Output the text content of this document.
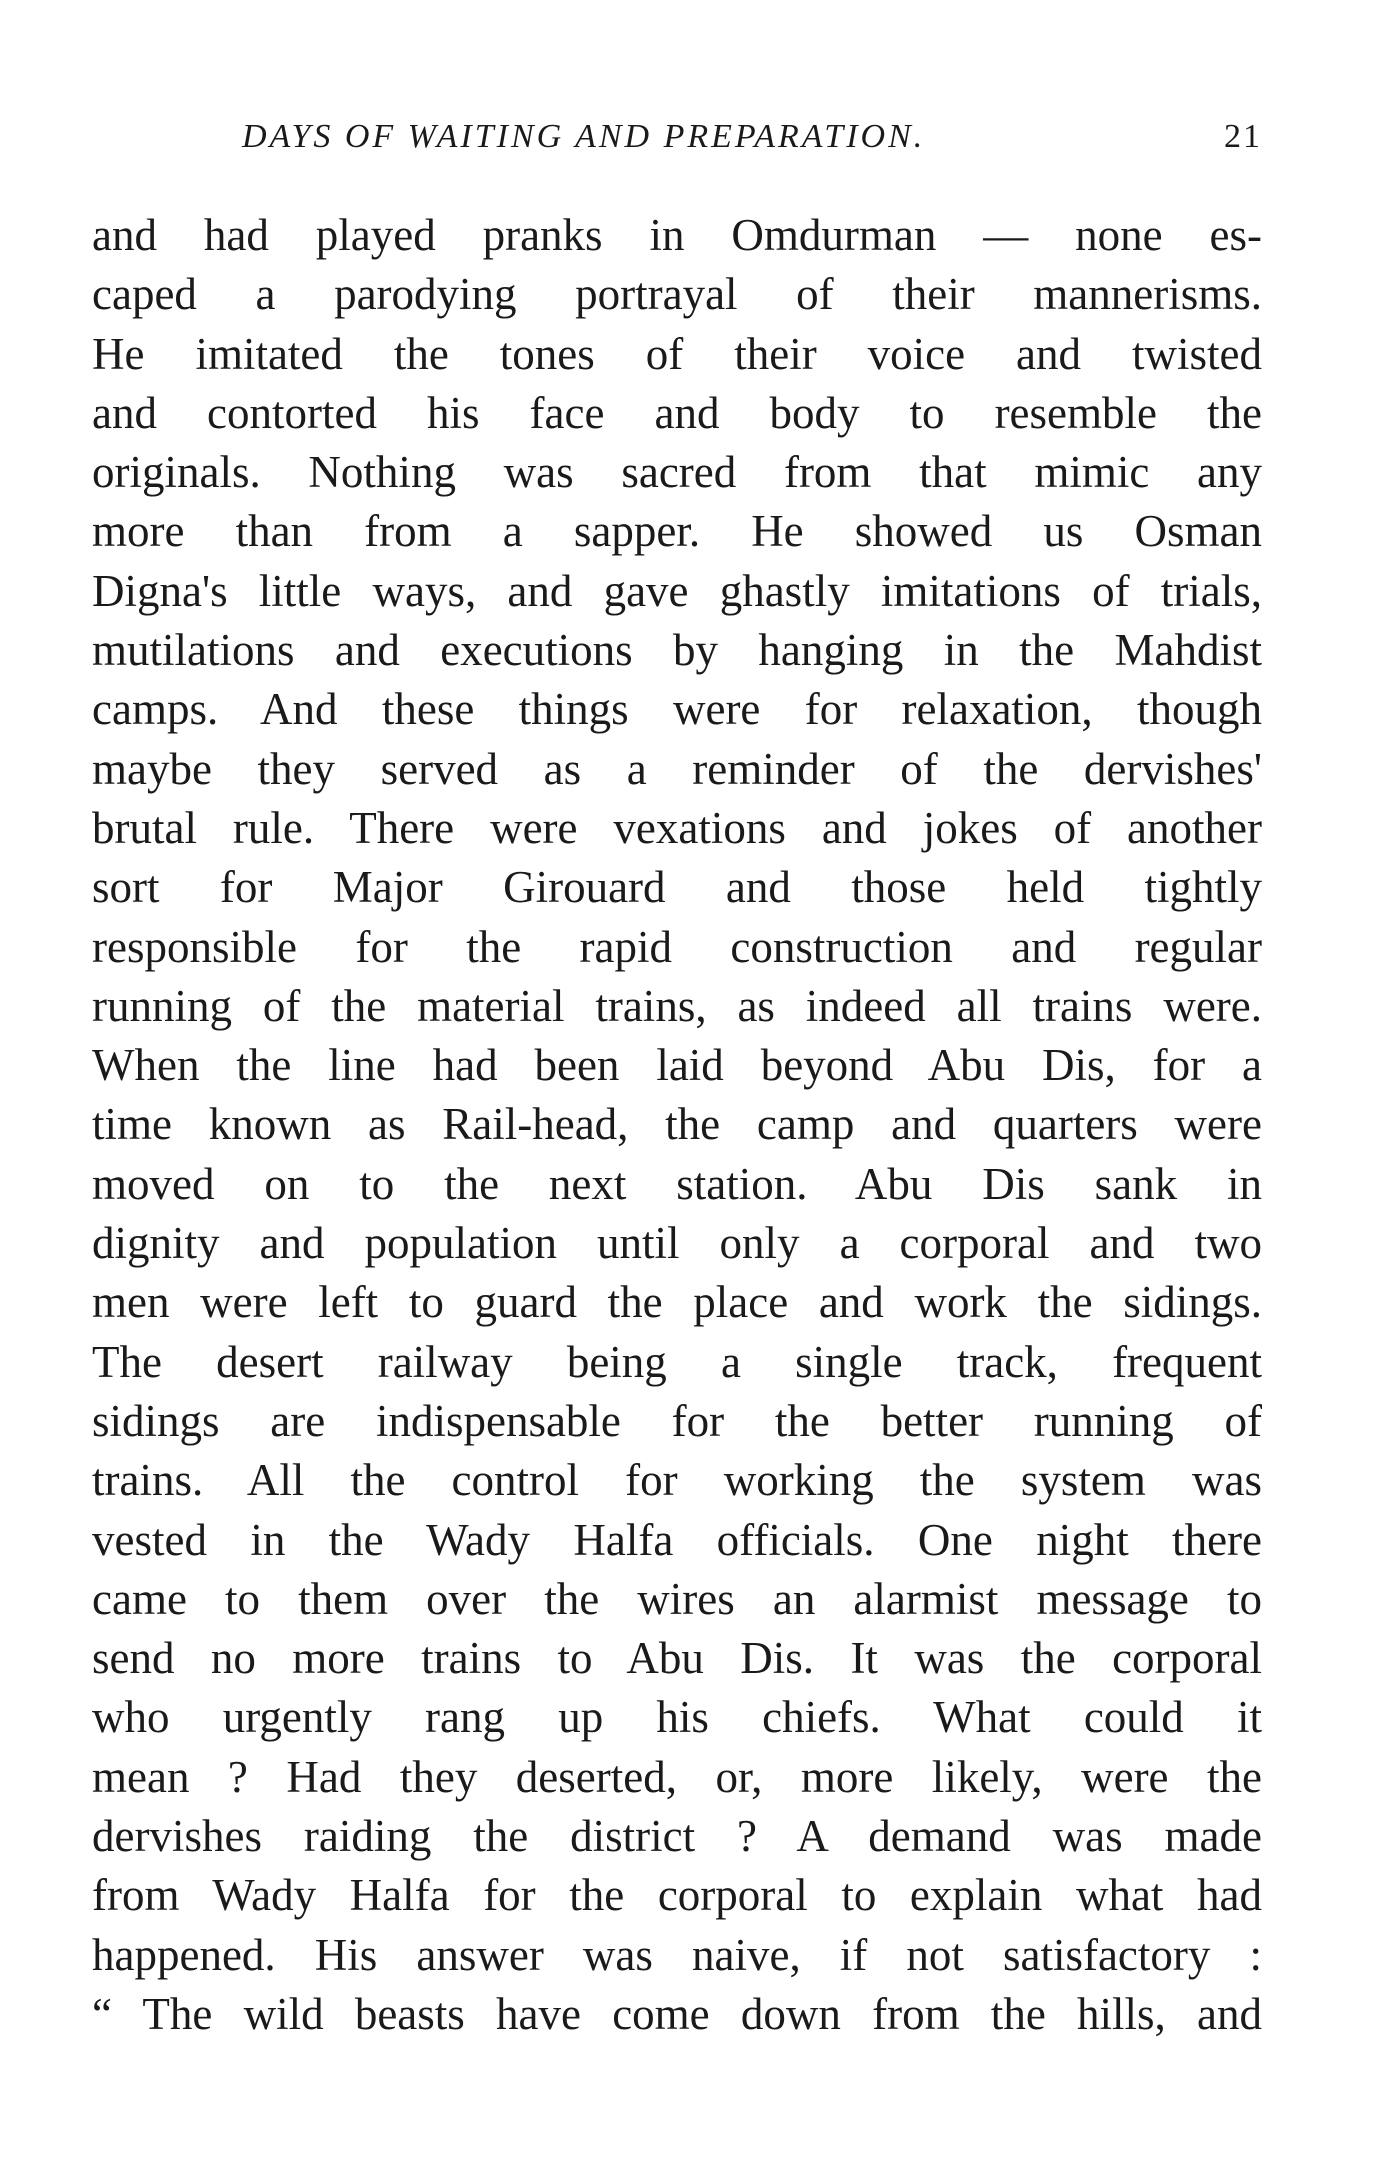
DAYS OF WAITING AND PREPARATION.	21
and had played pranks in Omdurman — none es-
caped a parodying portrayal of their mannerisms.
He imitated the tones of their voice and twisted
and contorted his face and body to resemble the
originals. Nothing was sacred from that mimic any
more than from a sapper. He showed us Osman
Digna's little ways, and gave ghastly imitations of trials,
mutilations and executions by hanging in the Mahdist
camps. And these things were for relaxation, though
maybe they served as a reminder of the dervishes'
brutal rule. There were vexations and jokes of another
sort for Major Girouard and those held tightly
responsible for the rapid construction and regular
running of the material trains, as indeed all trains were.
When the line had been laid beyond Abu Dis, for a
time known as Rail-head, the camp and quarters were
moved on to the next station. Abu Dis sank in
dignity and population until only a corporal and two
men were left to guard the place and work the sidings.
The desert railway being a single track, frequent
sidings are indispensable for the better running of
trains. All the control for working the system was
vested in the Wady Halfa officials. One night there
came to them over the wires an alarmist message to
send no more trains to Abu Dis. It was the corporal
who urgently rang up his chiefs. What could it
mean ? Had they deserted, or, more likely, were the
dervishes raiding the district ? A demand was made
from Wady Halfa for the corporal to explain what had
happened. His answer was naive, if not satisfactory :
“ The wild beasts have come down from the hills, and
